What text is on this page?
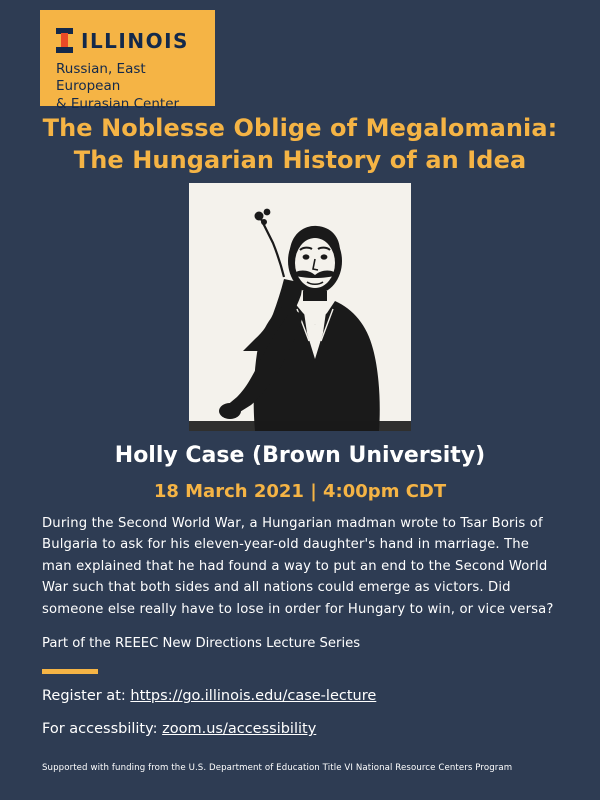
ILLINOIS
Russian, East European
& Eurasian Center
The Noblesse Oblige of Megalomania:
The Hungarian History of an Idea
Holly Case (Brown University)
18 March 2021 | 4:00pm CDT
During the Second World War, a Hungarian madman wrote to Tsar Boris of Bulgaria to ask for his eleven-year-old daughter's hand in marriage. The man explained that he had found a way to put an end to the Second World War such that both sides and all nations could emerge as victors. Did someone else really have to lose in order for Hungary to win, or vice versa?
Part of the REEEC New Directions Lecture Series
Register at: https://go.illinois.edu/case-lecture
For accessbility: zoom.us/accessibility
Supported with funding from the U.S. Department of Education Title VI National Resource Centers Program
